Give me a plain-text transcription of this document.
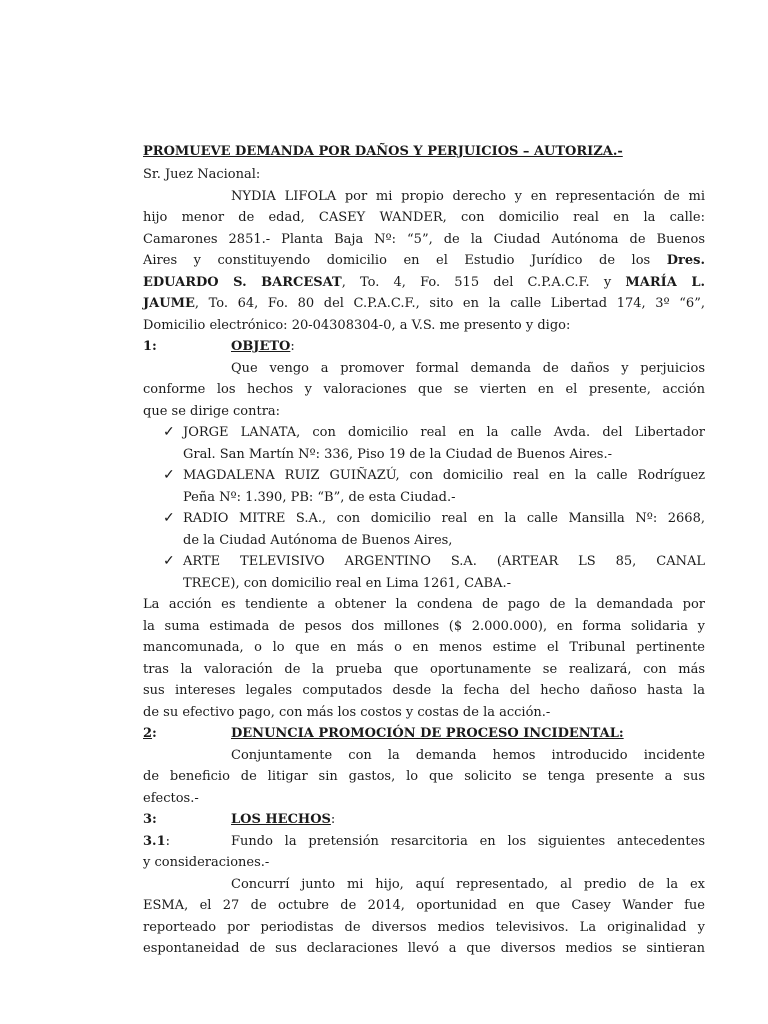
PROMUEVE DEMANDA POR DAÑOS Y PERJUICIOS – AUTORIZA.-
Sr. Juez Nacional:
NYDIA LIFOLA por mi propio derecho y en representación de mi
hijo menor de edad, CASEY WANDER, con domicilio real en la calle:
Camarones 2851.- Planta Baja Nº: “5”, de la Ciudad Autónoma de Buenos
Aires y constituyendo domicilio en el Estudio Jurídico de los Dres.
EDUARDO S. BARCESAT, To. 4, Fo. 515 del C.P.A.C.F. y MARÍA L.
JAUME, To. 64, Fo. 80 del C.P.A.C.F., sito en la calle Libertad 174, 3º “6”,
Domicilio electrónico: 20-04308304-0, a V.S. me presento y digo:
1:	OBJETO:
Que vengo a promover formal demanda de daños y perjuicios
conforme los hechos y valoraciones que se vierten en el presente, acción
que se dirige contra:
✓ JORGE LANATA, con domicilio real en la calle Avda. del Libertador
Gral. San Martín Nº: 336, Piso 19 de la Ciudad de Buenos Aires.-
✓ MAGDALENA RUIZ GUIÑAZÚ, con domicilio real en la calle Rodríguez
Peña Nº: 1.390, PB: “B”, de esta Ciudad.-
✓ RADIO MITRE S.A., con domicilio real en la calle Mansilla Nº: 2668,
de la Ciudad Autónoma de Buenos Aires,
✓ ARTE TELEVISIVO ARGENTINO S.A. (ARTEAR LS 85, CANAL
TRECE), con domicilio real en Lima 1261, CABA.-
La acción es tendiente a obtener la condena de pago de la demandada por
la suma estimada de pesos dos millones ($ 2.000.000), en forma solidaria y
mancomunada, o lo que en más o en menos estime el Tribunal pertinente
tras la valoración de la prueba que oportunamente se realizará, con más
sus intereses legales computados desde la fecha del hecho dañoso hasta la
de su efectivo pago, con más los costos y costas de la acción.-
2:	DENUNCIA PROMOCIÓN DE PROCESO INCIDENTAL:
Conjuntamente con la demanda hemos introducido incidente
de beneficio de litigar sin gastos, lo que solicito se tenga presente a sus
efectos.-
3:	LOS HECHOS:
3.1:	Fundo la pretensión resarcitoria en los siguientes antecedentes
y consideraciones.-
Concurrí junto mi hijo, aquí representado, al predio de la ex
ESMA, el 27 de octubre de 2014, oportunidad en que Casey Wander fue
reporteado por periodistas de diversos medios televisivos. La originalidad y
espontaneidad de sus declaraciones llevó a que diversos medios se sintieran
